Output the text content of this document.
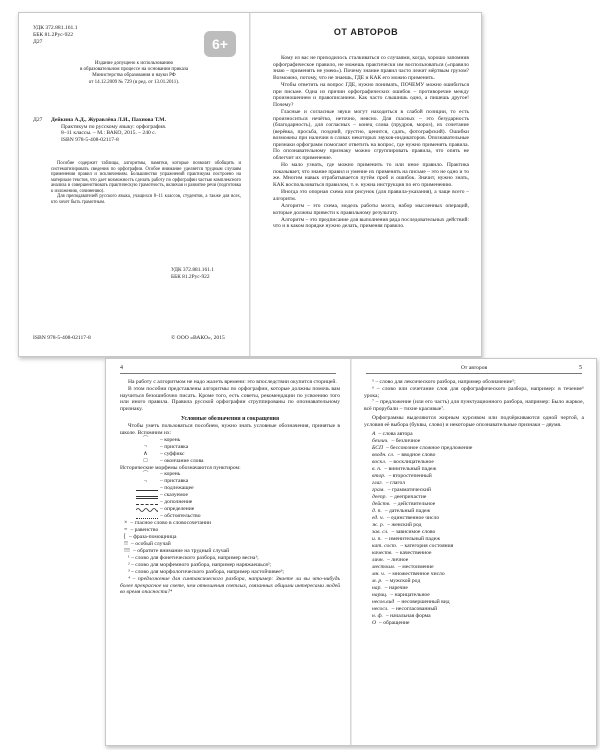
УДК 372.881.161.1
ББК 81.2Рус-922
Д27	6+
Издание допущено к использованию
в образовательном процессе на основании приказа
Министерства образования и науки РФ
от 14.12.2009 № 729 (в ред. от 13.01.2011).
Д27 Дейкина А.Д., Журавлёва Л.И., Пахнова Т.М.
Практикум по русскому языку: орфография.
8–11 классы. – М.: ВАКО, 2015. – 240 с.
ISBN 978-5-408-02117-8

Пособие содержит таблицы, алгоритмы, памятки, которые позволят обобщить и систематизировать сведения по орфографии. Особое внимание уделяется трудным случаям применения правил и исключениям. Большинство упражнений практикума построено на материале текстов, что дает возможность сделать работу по орфографии частью комплексного анализа и совершенствовать практическую грамотность, включая и развитие речи (подготовка к изложению, сочинению).

Для преподавателей русского языка, учащихся 8–11 классов, студентов, а также для всех, кто хочет быть грамотным.

УДК 372.881.161.1
ББК 81.2Рус-922
ISBN 978-5-408-02117-8	© ООО «ВАКО», 2015
ОТ АВТОРОВ

Кому из вас не приходилось сталкиваться со случаями, когда, хорошо запомнив орфографическое правило, не можешь практически им воспользоваться («правило знаю – применять не умею»). Почему знание правил часто лежит мёртвым грузом? Возможно, потому, что не знаешь, ГДЕ и КАК его можно применить.

Чтобы ответить на вопрос ГДЕ, нужно понимать, ПОЧЕМУ можно ошибиться при письме. Одна из причин орфографических ошибок – противоречие между произношением и правописанием. Как часто слышишь одно, а пишешь другое! Почему?

Гласные и согласные звуки могут находиться в слабой позиции, то есть произноситься нечётко, неточно, неясно. Для гласных – это безударность (благодарность), для согласных – конец слова (прудров, мороз), их сочетание (верёвка, просьба, поздний, грустно, ценится, сдать, фотографский). Ошибки возможны при наличии в словах некоторых звуков-индикаторов. Опознавательные признаки орфограмм помогают ответить на вопрос, где нужно применять правила. По опознавательному признаку можно сгруппировать правила, что опять не облегчит их применение.

Но мало узнать, где можно применить то или иное правило. Практика показывает, что знание правил и умение их применять на письме – это не одно и то же. Многим навык отрабатывается путём проб и ошибок. Значит, нужно знать, КАК воспользоваться правилом, т. е. нужна инструкция по его применению.

Иногда это опорная схема или рисунок (для правила-указания), а чаще всего – алгоритм.

Алгоритм – это схема, модель работы мозга, набор мысленных операций, которые должны привести к правильному результату.

Алгоритм – это предписание для выполнения ряда последовательных действий: что и в каком порядке нужно делать, применяя правило.

4

На работу с алгоритмом не надо жалеть времени: это впоследствии окупится сторицей.

В этом пособии представлены алгоритмы по орфографии, которые должны помочь вам научиться безошибочно писать. Кроме того, есть советы, рекомендации по усвоению того или иного правила. Правила русской орфографии сгруппированы по опознавательному признаку.

Условные обозначения и сокращения

Чтобы уметь пользоваться пособием, нужно знать условные обозначения, принятые в школе. Вспомним их:

⌒	– корень
¬	– приставка
∧	– суффикс
□	– окончание слова

Исторические морфемы обозначаются пунктиром:

⌒	– корень
¬	– приставка
– подлежащее
– сказуемое
– дополнение
– определение
– обстоятельство
× – гласное слово в словосочетании
= – равенство
[ – фраза-помощница
!! – особый случай
!!! – обратите внимание на трудный случай

¹ – слово для фонетического разбора, например весна¹;

² – слово для морфемного разбора, например наряжаешься²;

³ – слово для морфологического разбора, например настойчивее³;

⁴ – предложение для синтаксического разбора, например: Знаете ли вы что-нибудь более прекрасное на свете, чем отношения светлых, связанных общими интересами людей во время опасности?⁴

От авторов	5

⁵ – слово для лексического разбора, например обозначение⁵;

⁶ – слово или сочетание слов для орфографического разбора, например: в течение⁶ урока;

⁷ – предложение (или его часть) для пунктуационного разбора, например: Было жаркое, всё прорубали – тихие красивые⁷.

Орфограммы выделяются жирным курсивом или подчёркиваются одной чертой, а условия её выбора (буквы, слово) и некоторые опознавательные признаки – двумя.

А – слова автора
безлич. – безличное
БСП – бессоюзное сложное предложение
вводн. сл. – вводное слово
воскл. – восклицательное
в. п. – винительный падеж
втор. – второстепенный
глаг. – глагол
грам. – грамматический
деепр. – деепричастие
действ. – действительное
д. п. – дательный падеж
ед. ч. – единственное число
ж. р. – женский род
зав. сл. – зависимое слово
и. п. – именительный падеж
кат. сост. – категория состояния
качеств. – качественное
личн. – личное
местоим. – местоимение
мн. ч. – множественное число
м. р. – мужской род
нар. – наречие
нариц. – нарицательное
несов.вид – несовершенный вид
несосл. – несогласованный
н. ф. – начальная форма
О – обращение
